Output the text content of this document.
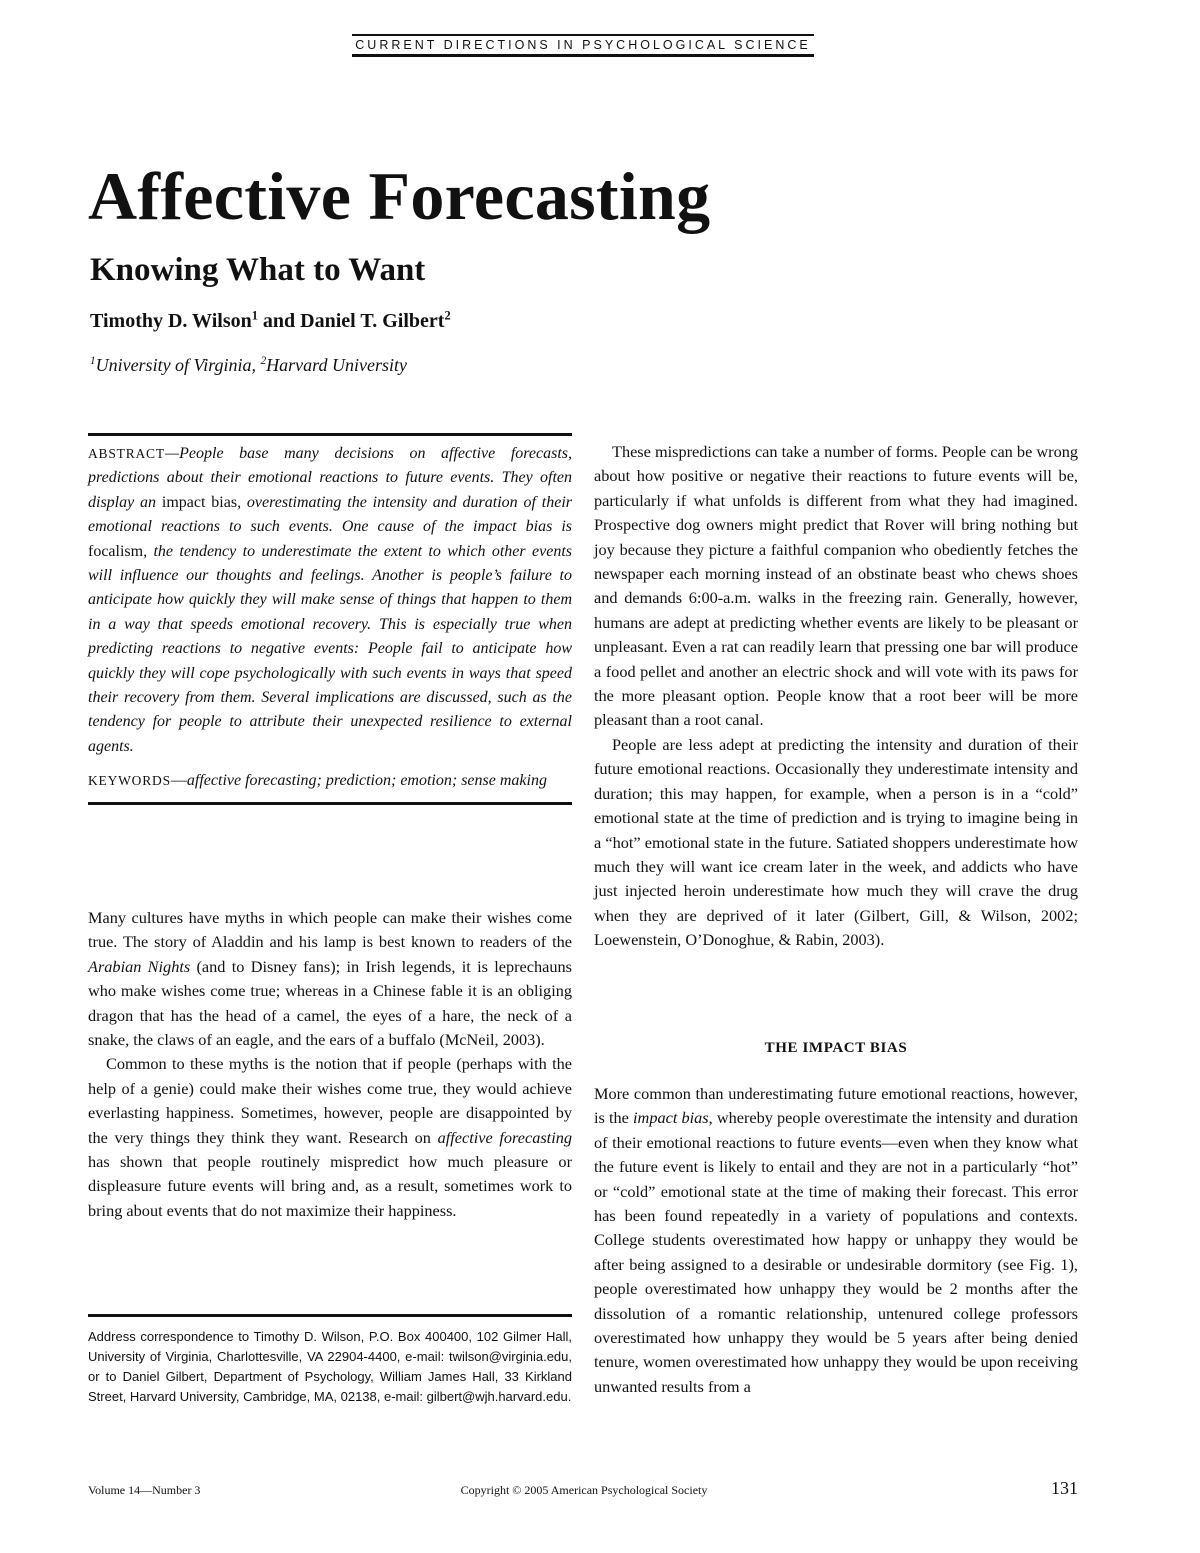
CURRENT DIRECTIONS IN PSYCHOLOGICAL SCIENCE
Affective Forecasting
Knowing What to Want
Timothy D. Wilson$^1$ and Daniel T. Gilbert$^2$
$^1$University of Virginia, $^2$Harvard University

ABSTRACT—People base many decisions on affective forecasts, predictions about their emotional reactions to future events. They often display an impact bias, overestimating the intensity and duration of their emotional reactions to such events. One cause of the impact bias is focalism, the tendency to underestimate the extent to which other events will influence our thoughts and feelings. Another is people’s failure to anticipate how quickly they will make sense of things that happen to them in a way that speeds emotional recovery. This is especially true when predicting reactions to negative events: People fail to anticipate how quickly they will cope psychologically with such events in ways that speed their recovery from them. Several implications are discussed, such as the tendency for people to attribute their unexpected resilience to external agents.

KEYWORDS—affective forecasting; prediction; emotion; sense making

Many cultures have myths in which people can make their wishes come true. The story of Aladdin and his lamp is best known to readers of the Arabian Nights (and to Disney fans); in Irish legends, it is leprechauns who make wishes come true; whereas in a Chinese fable it is an obliging dragon that has the head of a camel, the eyes of a hare, the neck of a snake, the claws of an eagle, and the ears of a buffalo (McNeil, 2003).

Common to these myths is the notion that if people (perhaps with the help of a genie) could make their wishes come true, they would achieve everlasting happiness. Sometimes, however, people are disappointed by the very things they think they want. Research on affective forecasting has shown that people routinely mispredict how much pleasure or displeasure future events will bring and, as a result, sometimes work to bring about events that do not maximize their happiness.

Address correspondence to Timothy D. Wilson, P.O. Box 400400, 102 Gilmer Hall, University of Virginia, Charlottesville, VA 22904-4400, e-mail: twilson@virginia.edu, or to Daniel Gilbert, Department of Psychology, William James Hall, 33 Kirkland Street, Harvard University, Cambridge, MA, 02138, e-mail: gilbert@wjh.harvard.edu.

These mispredictions can take a number of forms. People can be wrong about how positive or negative their reactions to future events will be, particularly if what unfolds is different from what they had imagined. Prospective dog owners might predict that Rover will bring nothing but joy because they picture a faithful companion who obediently fetches the newspaper each morning instead of an obstinate beast who chews shoes and demands 6:00-a.m. walks in the freezing rain. Generally, however, humans are adept at predicting whether events are likely to be pleasant or unpleasant. Even a rat can readily learn that pressing one bar will produce a food pellet and another an electric shock and will vote with its paws for the more pleasant option. People know that a root beer will be more pleasant than a root canal.

People are less adept at predicting the intensity and duration of their future emotional reactions. Occasionally they underestimate intensity and duration; this may happen, for example, when a person is in a “cold” emotional state at the time of prediction and is trying to imagine being in a “hot” emotional state in the future. Satiated shoppers underestimate how much they will want ice cream later in the week, and addicts who have just injected heroin underestimate how much they will crave the drug when they are deprived of it later (Gilbert, Gill, & Wilson, 2002; Loewenstein, O’Donoghue, & Rabin, 2003).

THE IMPACT BIAS

More common than underestimating future emotional reactions, however, is the impact bias, whereby people overestimate the intensity and duration of their emotional reactions to future events—even when they know what the future event is likely to entail and they are not in a particularly “hot” or “cold” emotional state at the time of making their forecast. This error has been found repeatedly in a variety of populations and contexts. College students overestimated how happy or unhappy they would be after being assigned to a desirable or undesirable dormitory (see Fig. 1), people overestimated how unhappy they would be 2 months after the dissolution of a romantic relationship, untenured college professors overestimated how unhappy they would be 5 years after being denied tenure, women overestimated how unhappy they would be upon receiving unwanted results from a

Volume 14—Number 3	Copyright © 2005 American Psychological Society	131
